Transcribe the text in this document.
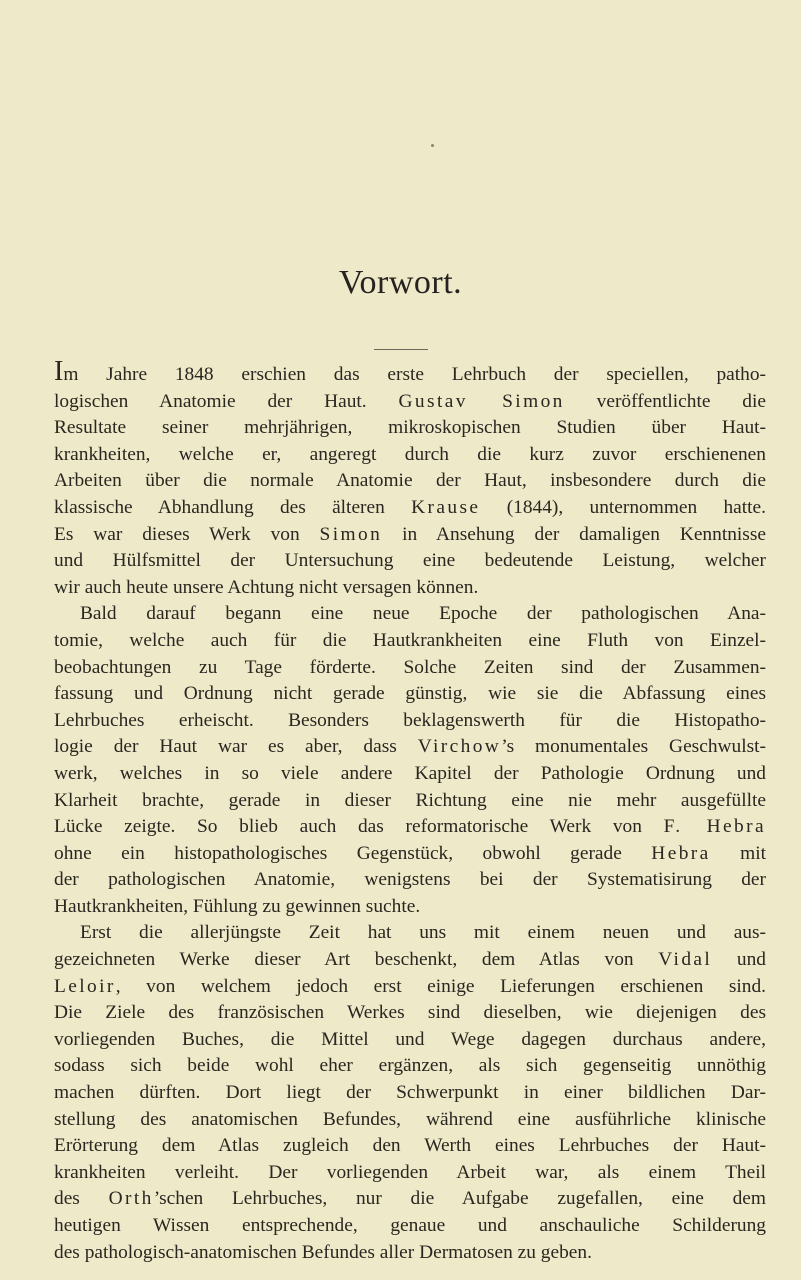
Vorwort.

Im Jahre 1848 erschien das erste Lehrbuch der speciellen, patho-
logischen Anatomie der Haut. Gustav Simon veröffentlichte die
Resultate seiner mehrjährigen, mikroskopischen Studien über Haut-
krankheiten, welche er, angeregt durch die kurz zuvor erschienenen
Arbeiten über die normale Anatomie der Haut, insbesondere durch die
klassische Abhandlung des älteren Krause (1844), unternommen hatte.
Es war dieses Werk von Simon in Ansehung der damaligen Kenntnisse
und Hülfsmittel der Untersuchung eine bedeutende Leistung, welcher
wir auch heute unsere Achtung nicht versagen können.

Bald darauf begann eine neue Epoche der pathologischen Ana-
tomie, welche auch für die Hautkrankheiten eine Fluth von Einzel-
beobachtungen zu Tage förderte. Solche Zeiten sind der Zusammen-
fassung und Ordnung nicht gerade günstig, wie sie die Abfassung eines
Lehrbuches erheischt. Besonders beklagenswerth für die Histopatho-
logie der Haut war es aber, dass Virchow’s monumentales Geschwulst-
werk, welches in so viele andere Kapitel der Pathologie Ordnung und
Klarheit brachte, gerade in dieser Richtung eine nie mehr ausgefüllte
Lücke zeigte. So blieb auch das reformatorische Werk von F. Hebra
ohne ein histopathologisches Gegenstück, obwohl gerade Hebra mit
der pathologischen Anatomie, wenigstens bei der Systematisirung der
Hautkrankheiten, Fühlung zu gewinnen suchte.

Erst die allerjüngste Zeit hat uns mit einem neuen und aus-
gezeichneten Werke dieser Art beschenkt, dem Atlas von Vidal und
Leloir, von welchem jedoch erst einige Lieferungen erschienen sind.
Die Ziele des französischen Werkes sind dieselben, wie diejenigen des
vorliegenden Buches, die Mittel und Wege dagegen durchaus andere,
sodass sich beide wohl eher ergänzen, als sich gegenseitig unnöthig
machen dürften. Dort liegt der Schwerpunkt in einer bildlichen Dar-
stellung des anatomischen Befundes, während eine ausführliche klinische
Erörterung dem Atlas zugleich den Werth eines Lehrbuches der Haut-
krankheiten verleiht. Der vorliegenden Arbeit war, als einem Theil
des Orth’schen Lehrbuches, nur die Aufgabe zugefallen, eine dem
heutigen Wissen entsprechende, genaue und anschauliche Schilderung
des pathologisch-anatomischen Befundes aller Dermatosen zu geben.
